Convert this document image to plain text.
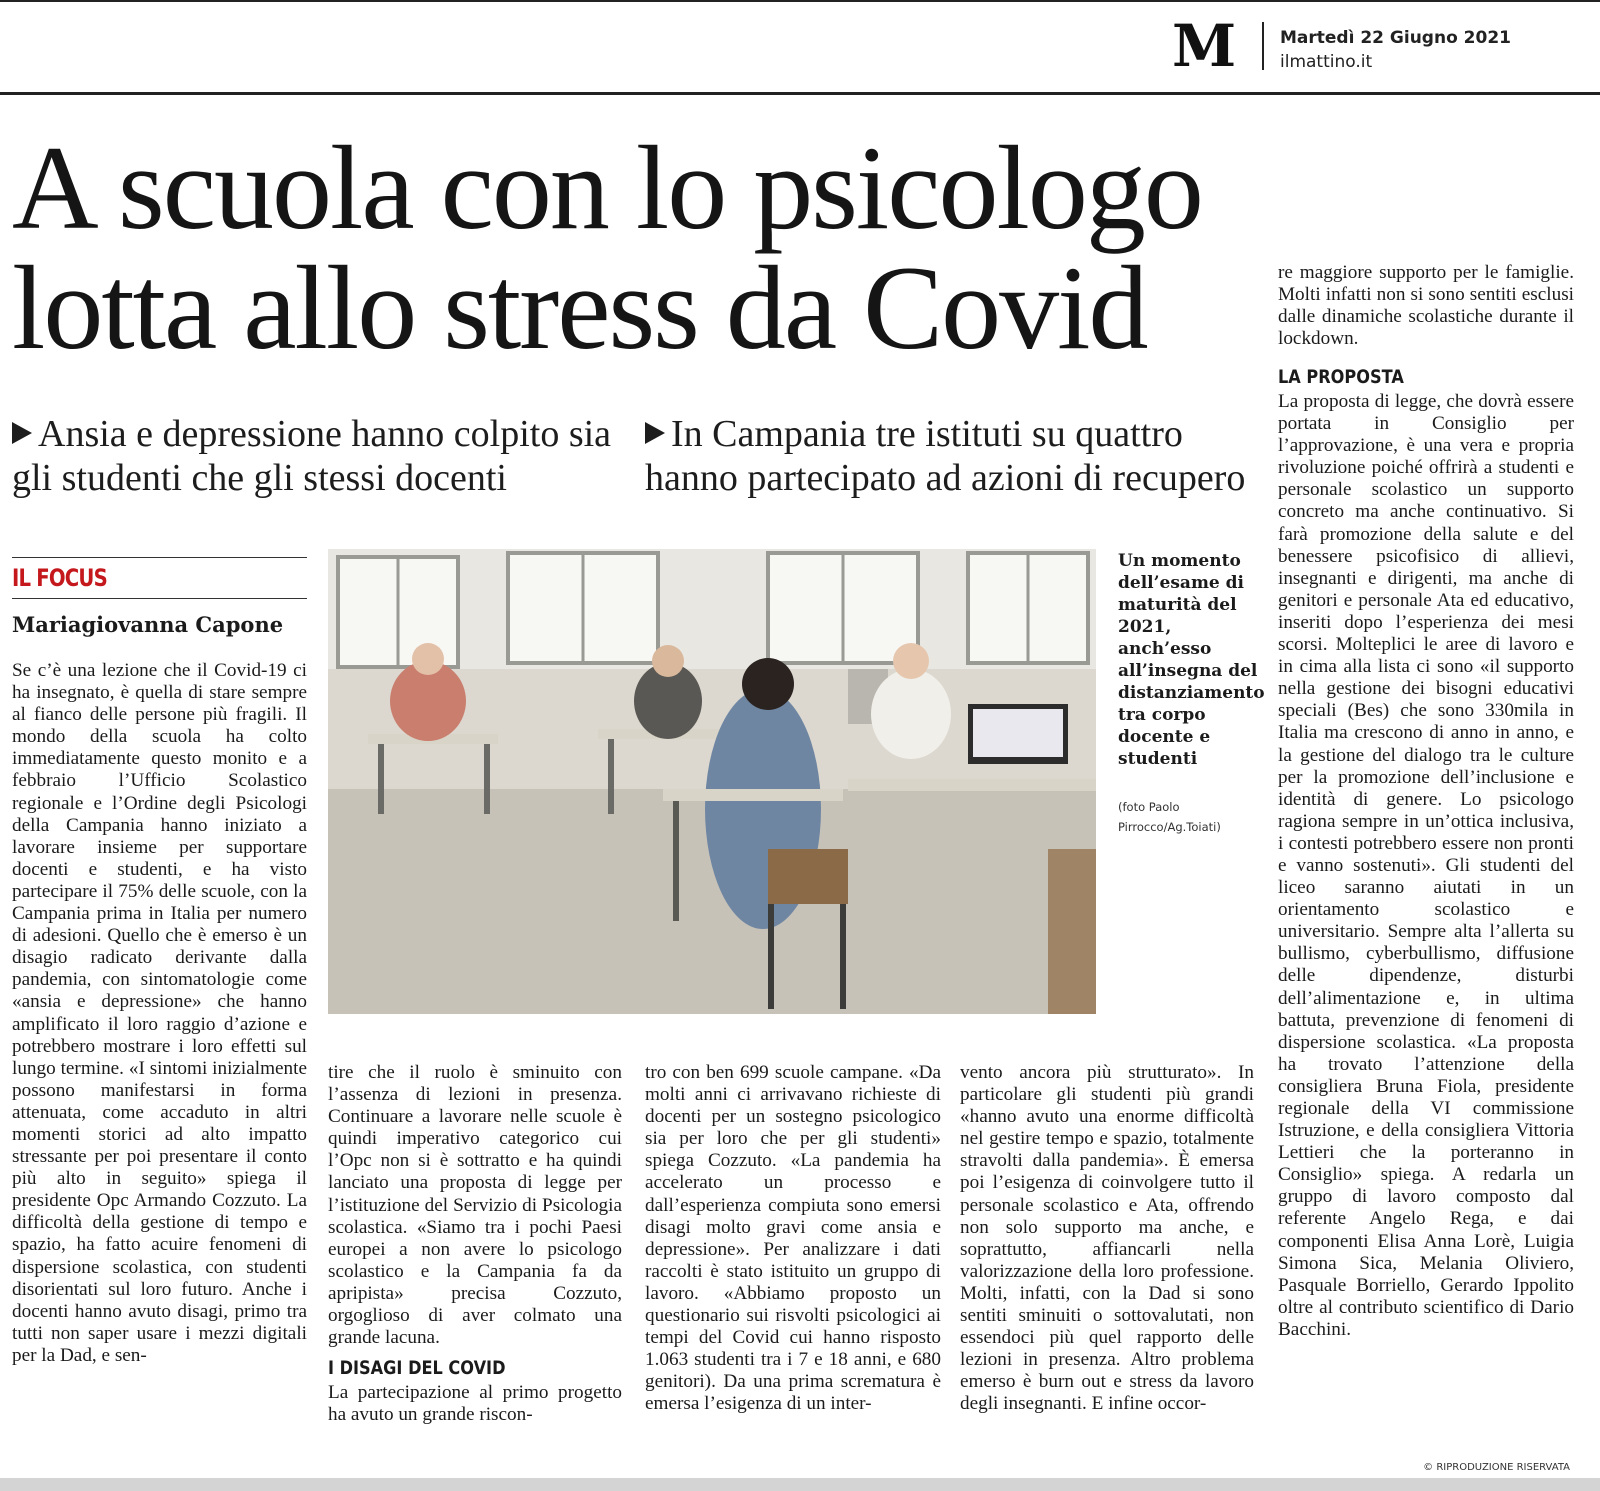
M	Martedì 22 Giugno 2021
ilmattino.it
A scuola con lo psicologo
lotta allo stress da Covid
Ansia e depressione hanno colpito sia gli studenti che gli stessi docenti
In Campania tre istituti su quattro hanno partecipato ad azioni di recupero
IL FOCUS
Mariagiovanna Capone

Se c’è una lezione che il Covid-19 ci ha insegnato, è quella di stare sempre al fianco delle persone più fragili. Il mondo della scuola ha colto immediatamente questo monito e a febbraio l’Ufficio Scolastico regionale e l’Ordine degli Psicologi della Campania hanno iniziato a lavorare insieme per supportare docenti e studenti, e ha visto partecipare il 75% delle scuole, con la Campania prima in Italia per numero di adesioni. Quello che è emerso è un disagio radicato derivante dalla pandemia, con sintomatologie come «ansia e depressione» che hanno amplificato il loro raggio d’azione e potrebbero mostrare i loro effetti sul lungo termine. «I sintomi inizialmente possono manifestarsi in forma attenuata, come accaduto in altri momenti storici ad alto impatto stressante per poi presentare il conto più alto in seguito» spiega il presidente Opc Armando Cozzuto. La difficoltà della gestione di tempo e spazio, ha fatto acuire fenomeni di dispersione scolastica, con studenti disorientati sul loro futuro. Anche i docenti hanno avuto disagi, primo tra tutti non saper usare i mezzi digitali per la Dad, e sen-

Un momento dell’esame di maturità del 2021, anch’esso all’insegna del distanziamento tra corpo docente e studenti
(foto Paolo Pirrocco/Ag.Toiati)

tire che il ruolo è sminuito con l’assenza di lezioni in presenza. Continuare a lavorare nelle scuole è quindi imperativo categorico cui l’Opc non si è sottratto e ha quindi lanciato una proposta di legge per l’istituzione del Servizio di Psicologia scolastica. «Siamo tra i pochi Paesi europei a non avere lo psicologo scolastico e la Campania fa da apripista» precisa Cozzuto, orgoglioso di aver colmato una grande lacuna.

I DISAGI DEL COVID

La partecipazione al primo progetto ha avuto un grande riscon-

tro con ben 699 scuole campane. «Da molti anni ci arrivavano richieste di docenti per un sostegno psicologico sia per loro che per gli studenti» spiega Cozzuto. «La pandemia ha accelerato un processo e dall’esperienza compiuta sono emersi disagi molto gravi come ansia e depressione». Per analizzare i dati raccolti è stato istituito un gruppo di lavoro. «Abbiamo proposto un questionario sui risvolti psicologici ai tempi del Covid cui hanno risposto 1.063 studenti tra i 7 e 18 anni, e 680 genitori). Da una prima scrematura è emersa l’esigenza di un inter-

vento ancora più strutturato». In particolare gli studenti più grandi «hanno avuto una enorme difficoltà nel gestire tempo e spazio, totalmente stravolti dalla pandemia». È emersa poi l’esigenza di coinvolgere tutto il personale scolastico e Ata, offrendo non solo supporto ma anche, e soprattutto, affiancarli nella valorizzazione della loro professione. Molti, infatti, con la Dad si sono sentiti sminuiti o sottovalutati, non essendoci più quel rapporto delle lezioni in presenza. Altro problema emerso è burn out e stress da lavoro degli insegnanti. E infine occor-

re maggiore supporto per le famiglie. Molti infatti non si sono sentiti esclusi dalle dinamiche scolastiche durante il lockdown.

LA PROPOSTA

La proposta di legge, che dovrà essere portata in Consiglio per l’approvazione, è una vera e propria rivoluzione poiché offrirà a studenti e personale scolastico un supporto concreto ma anche continuativo. Si farà promozione della salute e del benessere psicofisico di allievi, insegnanti e dirigenti, ma anche di genitori e personale Ata ed educativo, inseriti dopo l’esperienza dei mesi scorsi. Molteplici le aree di lavoro e in cima alla lista ci sono «il supporto nella gestione dei bisogni educativi speciali (Bes) che sono 330mila in Italia ma crescono di anno in anno, e la gestione del dialogo tra le culture per la promozione dell’inclusione e identità di genere. Lo psicologo ragiona sempre in un’ottica inclusiva, i contesti potrebbero essere non pronti e vanno sostenuti». Gli studenti del liceo saranno aiutati in un orientamento scolastico e universitario. Sempre alta l’allerta su bullismo, cyberbullismo, diffusione delle dipendenze, disturbi dell’alimentazione e, in ultima battuta, prevenzione di fenomeni di dispersione scolastica. «La proposta ha trovato l’attenzione della consigliera Bruna Fiola, presidente regionale della VI commissione Istruzione, e della consigliera Vittoria Lettieri che la porteranno in Consiglio» spiega. A redarla un gruppo di lavoro composto dal referente Angelo Rega, e dai componenti Elisa Anna Lorè, Luigia Simona Sica, Melania Oliviero, Pasquale Borriello, Gerardo Ippolito oltre al contributo scientifico di Dario Bacchini.

© RIPRODUZIONE RISERVATA
